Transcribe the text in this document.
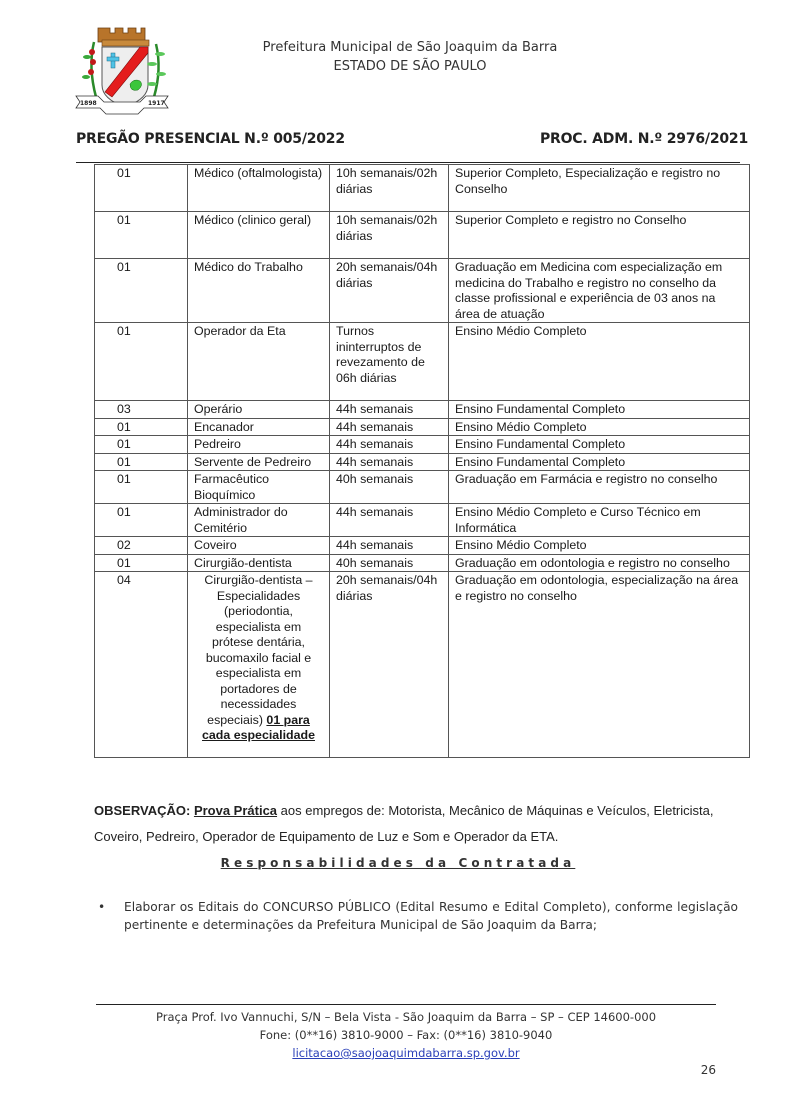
1898	1917
Prefeitura Municipal de São Joaquim da Barra
ESTADO DE SÃO PAULO
PREGÃO PRESENCIAL N.º 005/2022	PROC. ADM. N.º 2976/2021
01	Médico (oftalmologista)	10h semanais/02h diárias	Superior Completo, Especialização e registro no Conselho
01	Médico (clinico geral)	10h semanais/02h diárias	Superior Completo e registro no Conselho
01	Médico do Trabalho	20h semanais/04h diárias	Graduação em Medicina com especialização em medicina do Trabalho e registro no conselho da classe profissional e experiência de 03 anos na área de atuação
01	Operador da Eta	Turnos ininterruptos de revezamento de 06h diárias	Ensino Médio Completo
03	Operário	44h semanais	Ensino Fundamental Completo
01	Encanador	44h semanais	Ensino Médio Completo
01	Pedreiro	44h semanais	Ensino Fundamental Completo
01	Servente de Pedreiro	44h semanais	Ensino Fundamental Completo
01	Farmacêutico Bioquímico	40h semanais	Graduação em Farmácia e registro no conselho
01	Administrador do Cemitério	44h semanais	Ensino Médio Completo e Curso Técnico em Informática
02	Coveiro	44h semanais	Ensino Médio Completo
01	Cirurgião-dentista	40h semanais	Graduação em odontologia e registro no conselho
04	Cirurgião-dentista – Especialidades (periodontia, especialista em prótese dentária, bucomaxilo facial e especialista em portadores de necessidades especiais) 01 para cada especialidade	20h semanais/04h diárias	Graduação em odontologia, especialização na área e registro no conselho
OBSERVAÇÃO: Prova Prática aos empregos de: Motorista, Mecânico de Máquinas e Veículos, Eletricista, Coveiro, Pedreiro, Operador de Equipamento de Luz e Som e Operador da ETA.
Responsabilidades da Contratada
• Elaborar os Editais do CONCURSO PÚBLICO (Edital Resumo e Edital Completo), conforme legislação pertinente e determinações da Prefeitura Municipal de São Joaquim da Barra;
Praça Prof. Ivo Vannuchi, S/N – Bela Vista - São Joaquim da Barra – SP – CEP 14600-000
Fone: (0**16) 3810-9000 – Fax: (0**16) 3810-9040
licitacao@saojoaquimdabarra.sp.gov.br
26
